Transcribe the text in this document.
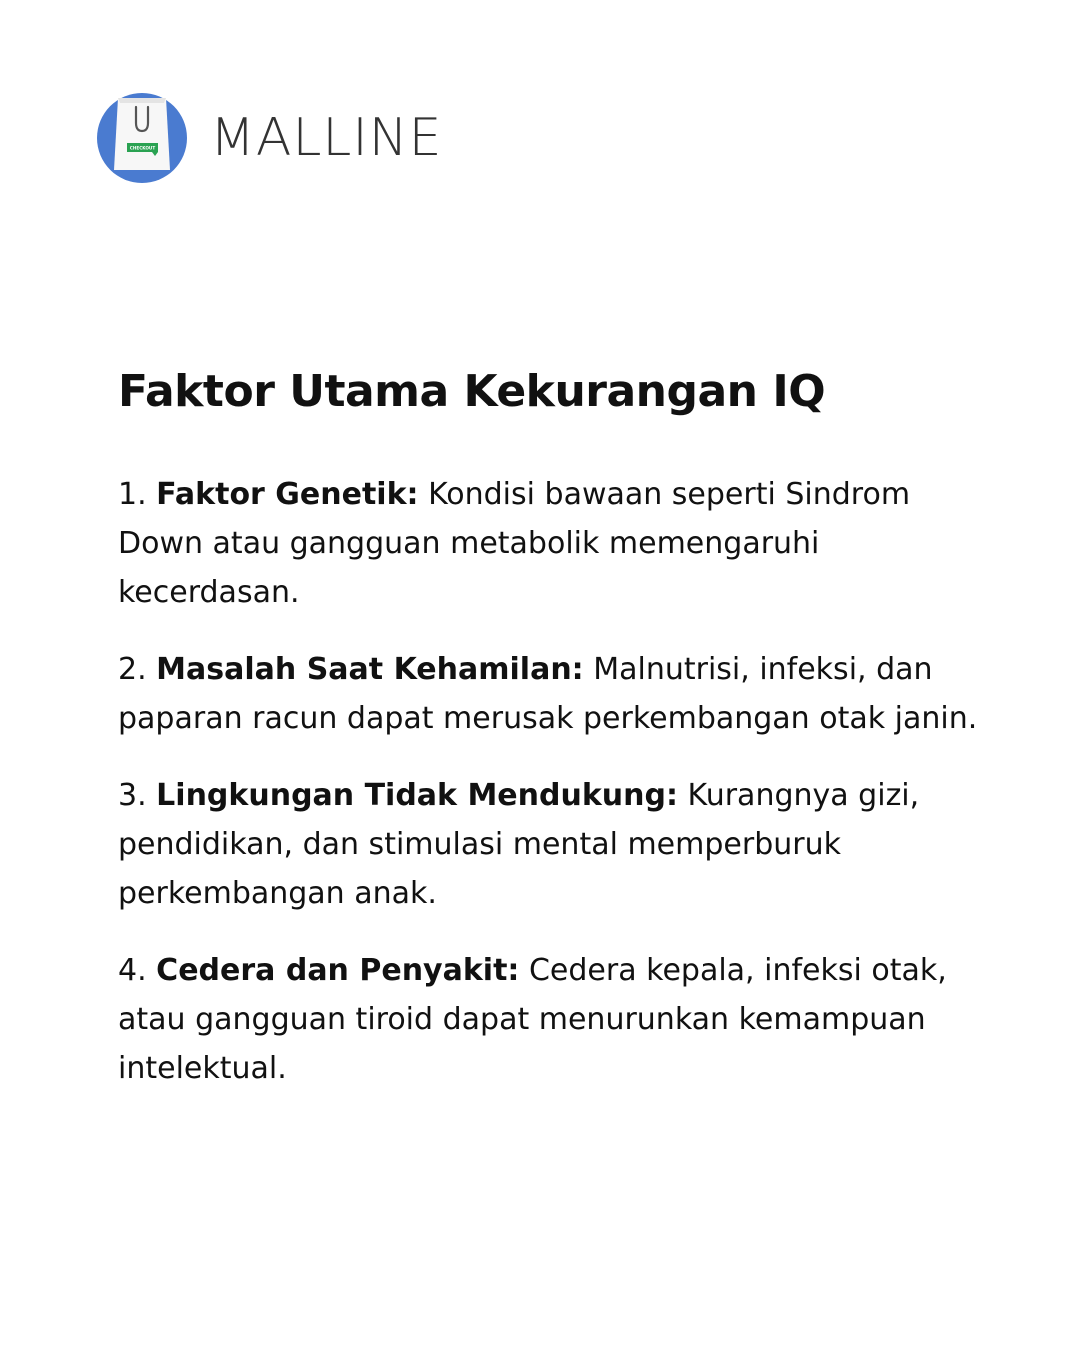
CHECKOUT MALLINE
Faktor Utama Kekurangan IQ

1. Faktor Genetik: Kondisi bawaan seperti Sindrom Down atau gangguan metabolik memengaruhi kecerdasan.

2. Masalah Saat Kehamilan: Malnutrisi, infeksi, dan paparan racun dapat merusak perkembangan otak janin.

3. Lingkungan Tidak Mendukung: Kurangnya gizi, pendidikan, dan stimulasi mental memperburuk perkembangan anak.

4. Cedera dan Penyakit: Cedera kepala, infeksi otak, atau gangguan tiroid dapat menurunkan kemampuan intelektual.
